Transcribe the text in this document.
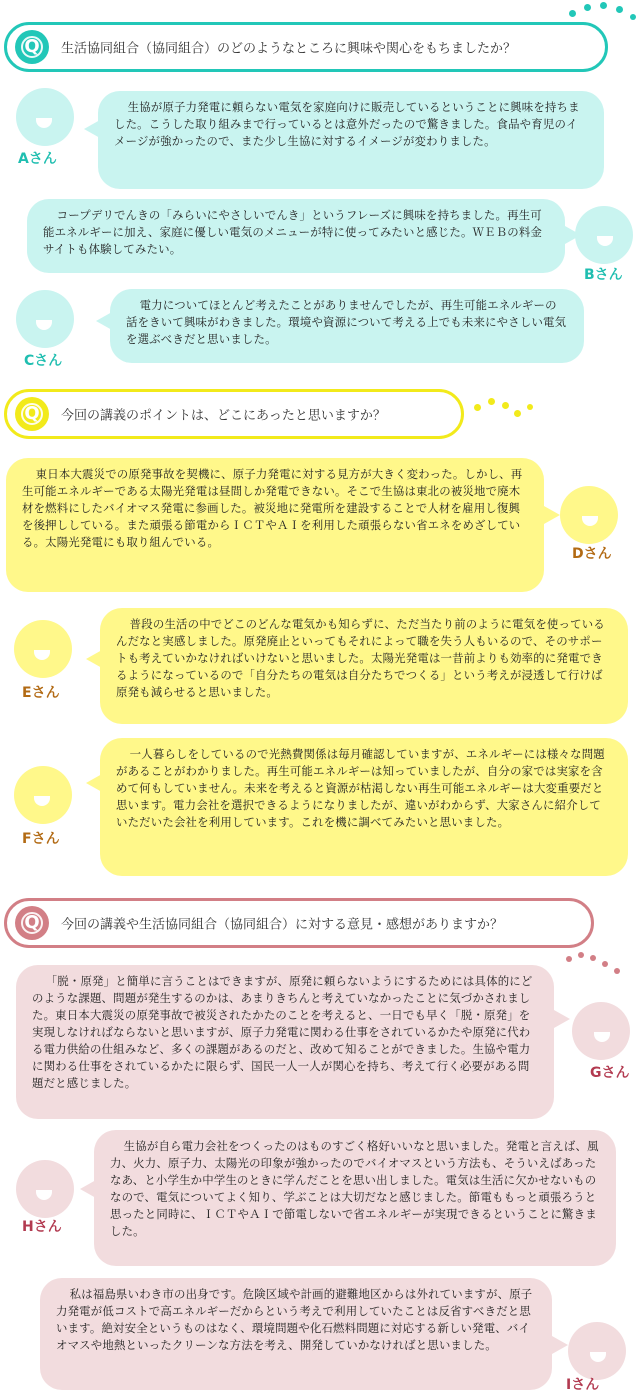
Q	生活協同組合（協同組合）のどのようなところに興味や関心をもちましたか？
Aさん
生協が原子力発電に頼らない電気を家庭向けに販売しているということに興味を持ちました。こうした取り組みまで行っているとは意外だったので驚きました。食品や育児のイメージが強かったので、また少し生協に対するイメージが変わりました。
コープデリでんきの「みらいにやさしいでんき」というフレーズに興味を持ちました。再生可能エネルギーに加え、家庭に優しい電気のメニューが特に使ってみたいと感じた。ＷＥＢの料金サイトも体験してみたい。
Bさん
Cさん
電力についてほとんど考えたことがありませんでしたが、再生可能エネルギーの話をきいて興味がわきました。環境や資源について考える上でも未来にやさしい電気を選ぶべきだと思いました。
Q	今回の講義のポイントは、どこにあったと思いますか？
東日本大震災での原発事故を契機に、原子力発電に対する見方が大きく変わった。しかし、再生可能エネルギーである太陽光発電は昼間しか発電できない。そこで生協は東北の被災地で廃木材を燃料にしたバイオマス発電に参画した。被災地に発電所を建設することで人材を雇用し復興を後押ししている。また頑張る節電からＩＣＴやＡＩを利用した頑張らない省エネをめざしている。太陽光発電にも取り組んでいる。
Dさん
Eさん
普段の生活の中でどこのどんな電気かも知らずに、ただ当たり前のように電気を使っているんだなと実感しました。原発廃止といってもそれによって職を失う人もいるので、そのサポートも考えていかなければいけないと思いました。太陽光発電は一昔前よりも効率的に発電できるようになっているので「自分たちの電気は自分たちでつくる」という考えが浸透して行けば原発も減らせると思いました。
Fさん
一人暮らしをしているので光熱費関係は毎月確認していますが、エネルギーには様々な問題があることがわかりました。再生可能エネルギーは知っていましたが、自分の家では実家を含めて何もしていません。未来を考えると資源が枯渇しない再生可能エネルギーは大変重要だと思います。電力会社を選択できるようになりましたが、違いがわからず、大家さんに紹介していただいた会社を利用しています。これを機に調べてみたいと思いました。
Q	今回の講義や生活協同組合（協同組合）に対する意見・感想がありますか？
「脱・原発」と簡単に言うことはできますが、原発に頼らないようにするためには具体的にどのような課題、問題が発生するのかは、あまりきちんと考えていなかったことに気づかされました。東日本大震災の原発事故で被災されたかたのことを考えると、一日でも早く「脱・原発」を実現しなければならないと思いますが、原子力発電に関わる仕事をされているかたや原発に代わる電力供給の仕組みなど、多くの課題があるのだと、改めて知ることができました。生協や電力に関わる仕事をされているかたに限らず、国民一人一人が関心を持ち、考えて行く必要がある問題だと感じました。
Gさん
Hさん
生協が自ら電力会社をつくったのはものすごく格好いいなと思いました。発電と言えば、風力、火力、原子力、太陽光の印象が強かったのでバイオマスという方法も、そういえばあったなあ、と小学生か中学生のときに学んだことを思い出しました。電気は生活に欠かせないものなので、電気についてよく知り、学ぶことは大切だなと感じました。節電ももっと頑張ろうと思ったと同時に、ＩＣＴやＡＩで節電しないで省エネルギーが実現できるということに驚きました。
私は福島県いわき市の出身です。危険区域や計画的避難地区からは外れていますが、原子力発電が低コストで高エネルギーだからという考えで利用していたことは反省すべきだと思います。絶対安全というものはなく、環境問題や化石燃料問題に対応する新しい発電、バイオマスや地熱といったクリーンな方法を考え、開発していかなければと思いました。
Iさん
